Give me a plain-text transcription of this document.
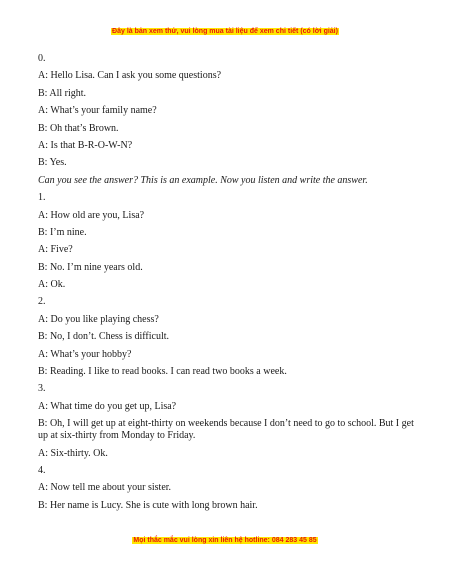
Đây là bản xem thử, vui lòng mua tài liệu để xem chi tiết (có lời giải)

0.

A: Hello Lisa. Can I ask you some questions?

B: All right.

A: What’s your family name?

B: Oh that’s Brown.

A: Is that B-R-O-W-N?

B: Yes.

Can you see the answer? This is an example. Now you listen and write the answer.

1.

A: How old are you, Lisa?

B: I’m nine.

A: Five?

B: No. I’m nine years old.

A: Ok.

2.

A: Do you like playing chess?

B: No, I don’t. Chess is difficult.

A: What’s your hobby?

B: Reading. I like to read books. I can read two books a week.

3.

A: What time do you get up, Lisa?

B: Oh, I will get up at eight-thirty on weekends because I don’t need to go to school. But I get up at six-thirty from Monday to Friday.

A: Six-thirty. Ok.

4.

A: Now tell me about your sister.

B: Her name is Lucy. She is cute with long brown hair.

Mọi thắc mắc vui lòng xin liên hệ hotline: 084 283 45 85
